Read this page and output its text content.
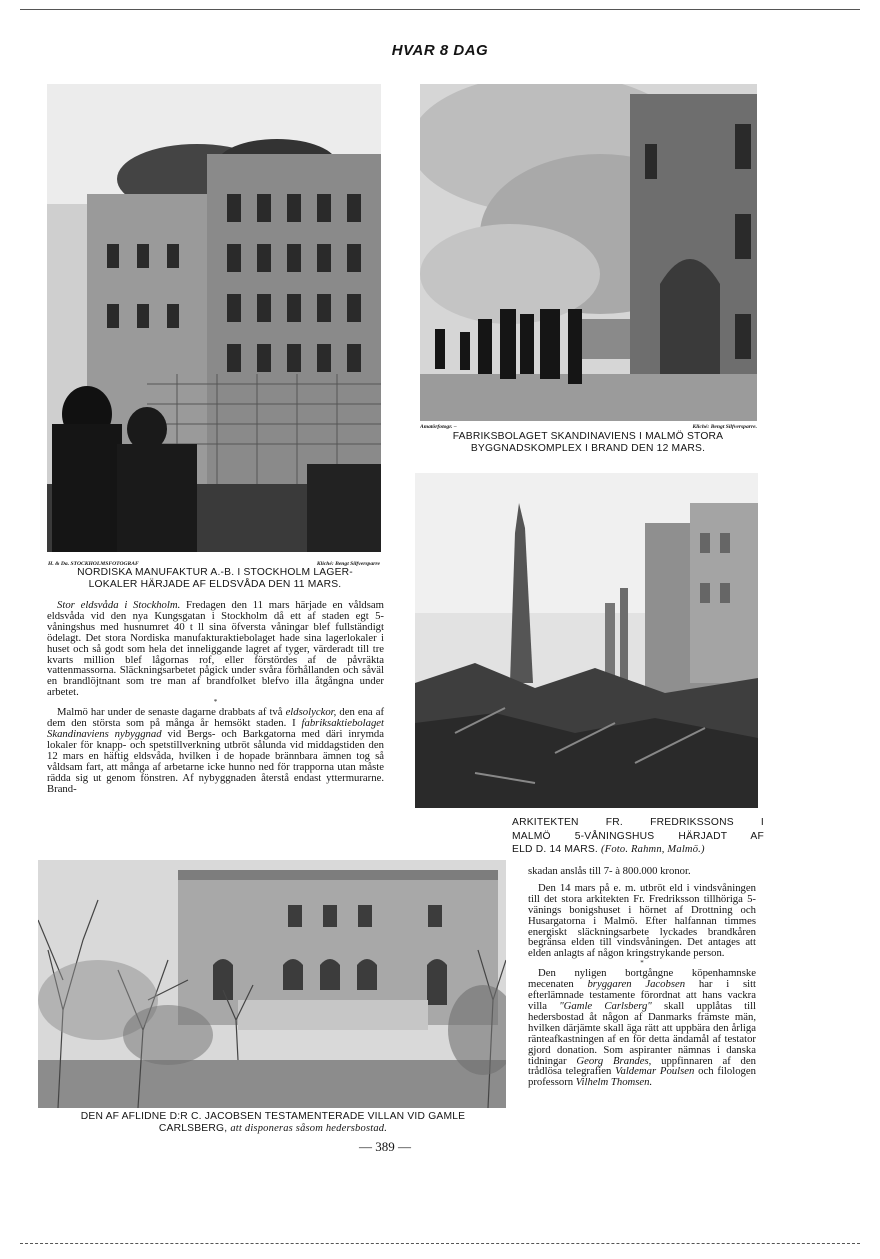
HVAR 8 DAG
H. & Da. STOCKHOLMSFOTOGRAF	Kliché: Bengt Silfversparre
NORDISKA MANUFAKTUR A.-B. I STOCKHOLM LAGER-
LOKALER HÄRJADE AF ELDSVÅDA DEN 11 MARS.
Amatörfotogr. –	Kliché: Bengt Silfversparre.
FABRIKSBOLAGET SKANDINAVIENS I MALMÖ STORA
BYGGNADSKOMPLEX I BRAND DEN 12 MARS.
ARKITEKTEN FR. FREDRIKSSONS I
MALMÖ 5-VÅNINGSHUS HÄRJADT AF
ELD D. 14 MARS. (Foto. Rahmn, Malmö.)
DEN AF AFLIDNE D:R C. JACOBSEN TESTAMENTERADE VILLAN VID GAMLE
CARLSBERG, att disponeras såsom hedersbostad.

Stor eldsvåda i Stockholm. Fredagen den 11 mars härjade en våldsam eldsvåda vid den nya Kungsgatan i Stockholm då ett af staden egt 5-våningshus med husnumret 40 t ll sina öfversta våningar blef fullständigt ödelagt. Det stora Nordiska manufakturaktiebolaget hade sina lagerlokaler i huset och så godt som hela det inneliggande lagret af tyger, värderadt till tre kvarts million blef lågornas rof, eller förstördes af de påvräkta vattenmassorna. Släckningsarbetet pågick under svåra förhållanden och såväl en brandlöjtnant som tre man af brandfolket blefvo illa åtgångna under arbetet.

*

Malmö har under de senaste dagarne drabbats af två eldsolyckor, den ena af dem den största som på många år hemsökt staden. I fabriksaktiebolaget Skandinaviens nybyggnad vid Bergs- och Barkgatorna med däri inrymda lokaler för knapp- och spetstillverkning utbröt sålunda vid middagstiden den 12 mars en häftig eldsvåda, hvilken i de hopade brännbara ämnen tog så våldsam fart, att många af arbetarne icke hunno ned för trapporna utan måste rädda sig ut genom fönstren. Af nybyggnaden återstå endast yttermurarne. Brand-

skadan anslås till 7- à 800.000 kronor.

Den 14 mars på e. m. utbröt eld i vindsvåningen till det stora arkitekten Fr. Fredriksson tillhöriga 5-vänings bonigshuset i hörnet af Drottning och Husargatorna i Malmö. Efter halfannan timmes energiskt släckningsarbete lyckades brandkåren begränsa elden till vindsvåningen. Det antages att elden anlagts af någon kringstrykande person.

*

Den nyligen bortgångne köpenhamnske mecenaten bryggaren Jacobsen har i sitt efterlämnade testamente förordnat att hans vackra villa "Gamle Carlsberg" skall upplåtas till hedersbostad åt någon af Danmarks främste män, hvilken därjämte skall äga rätt att uppbära den årliga ränteafkastningen af en för detta ändamål af testator gjord donation. Som aspiranter nämnas i danska tidningar Georg Brandes, uppfinnaren af den trådlösa telegrafien Valdemar Poulsen och filologen professorn Vilhelm Thomsen.

— 389 —
